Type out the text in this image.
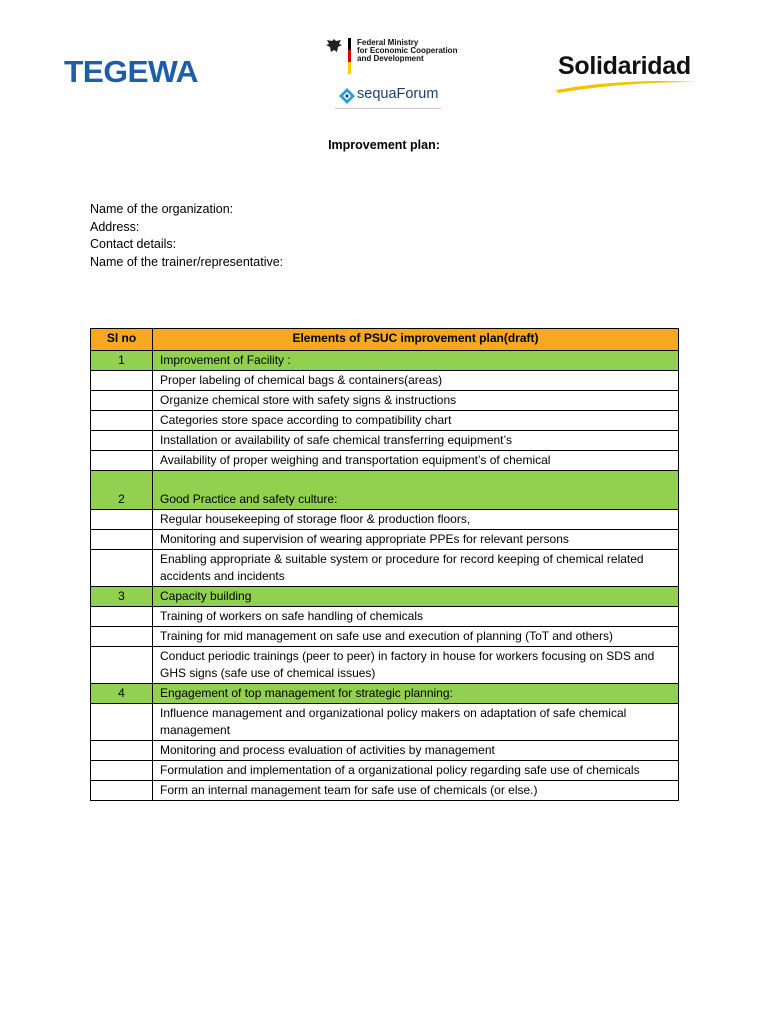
TEGEWA
Federal Ministry
for Economic Cooperation
and Development
sequaForum
Solidaridad
Improvement plan:
Name of the organization:
Address:
Contact details:
Name of the trainer/representative:
Sl no	Elements of PSUC improvement plan(draft)
1	Improvement of Facility :
	Proper labeling of chemical bags & containers(areas)
	Organize chemical store with safety signs & instructions
	Categories store space according to compatibility chart
	Installation or availability of safe chemical transferring equipment’s
	Availability of proper weighing and transportation equipment’s of chemical
2	Good Practice and safety culture:
	Regular housekeeping of storage floor & production floors,
	Monitoring and supervision of wearing appropriate PPEs for relevant persons
	Enabling appropriate & suitable system or procedure for record keeping of chemical related accidents and incidents
3	Capacity building
	Training of workers on safe handling of chemicals
	Training for mid management on safe use and execution of planning (ToT and others)
	Conduct periodic trainings (peer to peer) in factory in house for workers focusing on SDS and GHS signs (safe use of chemical issues)
4	Engagement of top management for strategic planning:
	Influence management and organizational policy makers on adaptation of safe chemical management
	Monitoring and process evaluation of activities by management
	Formulation and implementation of a organizational policy regarding safe use of chemicals
	Form an internal management team for safe use of chemicals (or else.)
